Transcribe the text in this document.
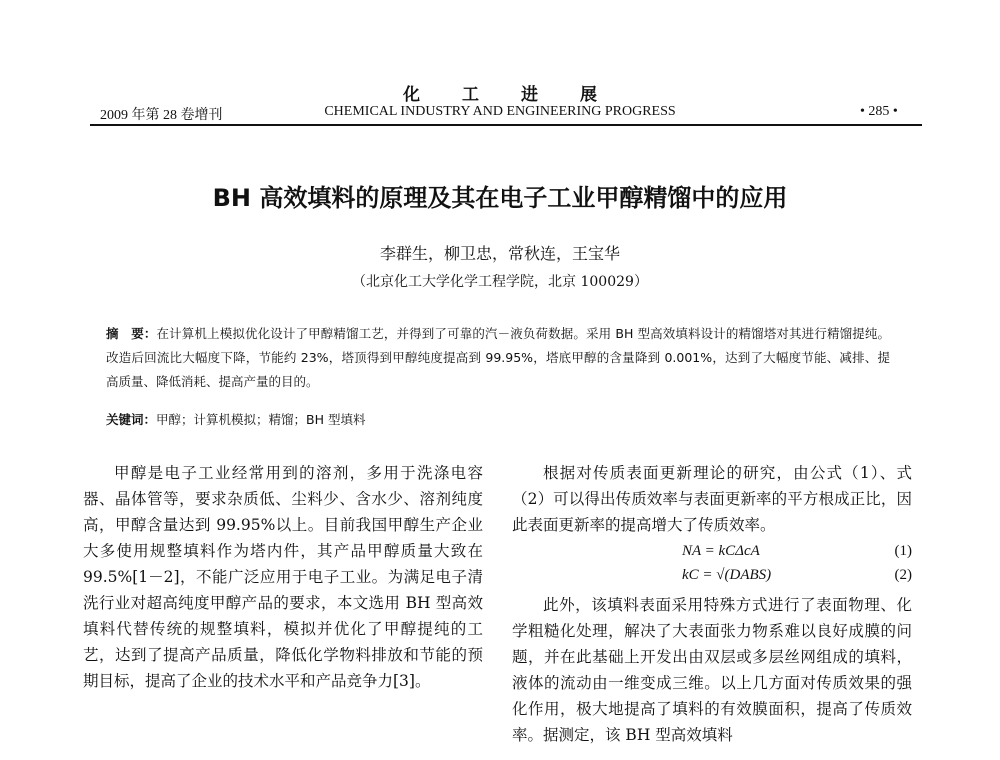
化工进展
2009 年第 28 卷增刊	CHEMICAL INDUSTRY AND ENGINEERING PROGRESS	• 285 •
BH 高效填料的原理及其在电子工业甲醇精馏中的应用
李群生，柳卫忠，常秋连，王宝华
（北京化工大学化学工程学院，北京 100029）
摘　要：在计算机上模拟优化设计了甲醇精馏工艺，并得到了可靠的汽－液负荷数据。采用 BH 型高效填料设计的精馏塔对其进行精馏提纯。改造后回流比大幅度下降，节能约 23%，塔顶得到甲醇纯度提高到 99.95%，塔底甲醇的含量降到 0.001%，达到了大幅度节能、减排、提高质量、降低消耗、提高产量的目的。
关键词：甲醇；计算机模拟；精馏；BH 型填料

甲醇是电子工业经常用到的溶剂，多用于洗涤电容器、晶体管等，要求杂质低、尘料少、含水少、溶剂纯度高，甲醇含量达到 99.95%以上。目前我国甲醇生产企业大多使用规整填料作为塔内件，其产品甲醇质量大致在 99.5%[1－2]，不能广泛应用于电子工业。为满足电子清洗行业对超高纯度甲醇产品的要求，本文选用 BH 型高效填料代替传统的规整填料，模拟并优化了甲醇提纯的工艺，达到了提高产品质量，降低化学物料排放和节能的预期目标，提高了企业的技术水平和产品竞争力[3]。

根据对传质表面更新理论的研究，由公式（1）、式（2）可以得出传质效率与表面更新率的平方根成正比，因此表面更新率的提高增大了传质效率。

NA = kCΔcA	(1)
kC = √(DABS)	(2)

此外，该填料表面采用特殊方式进行了表面物理、化学粗糙化处理，解决了大表面张力物系难以良好成膜的问题，并在此基础上开发出由双层或多层丝网组成的填料，液体的流动由一维变成三维。以上几方面对传质效果的强化作用，极大地提高了填料的有效膜面积，提高了传质效率。据测定，该 BH 型高效填料
